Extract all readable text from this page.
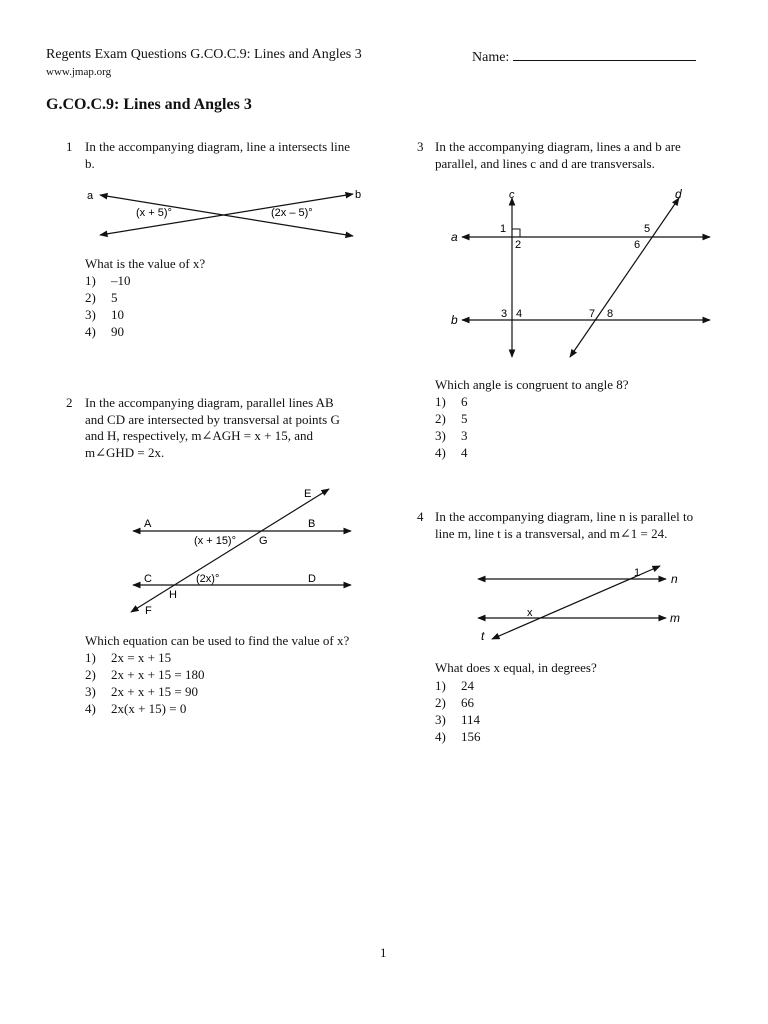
Regents Exam Questions G.CO.C.9: Lines and Angles 3	Name:
www.jmap.org
G.CO.C.9: Lines and Angles 3
1 In the accompanying diagram, line a intersects line
b.
a	b
(x + 5)°	(2x – 5)°
What is the value of x?
1)	–10
2)	5
3)	10
4)	90
2 In the accompanying diagram, parallel lines AB
and CD are intersected by transversal at points G
and H, respectively, m∠AGH = x + 15, and
m∠GHD = 2x.
A	B
C	D
E
F
G
H
(x + 15)°
(2x)°
Which equation can be used to find the value of x?
1)	2x = x + 15
2)	2x + x + 15 = 180
3)	2x + x + 15 = 90
4)	2x(x + 15) = 0
3 In the accompanying diagram, lines a and b are
parallel, and lines c and d are transversals.
a
b
c	d
1
2
3 4
5
6
7 8
Which angle is congruent to angle 8?
1)	6
2)	5
3)	3
4)	4
4 In the accompanying diagram, line n is parallel to
line m, line t is a transversal, and m∠1 = 24.
n
m
t
1
x
What does x equal, in degrees?
1)	24
2)	66
3)	114
4)	156
1
